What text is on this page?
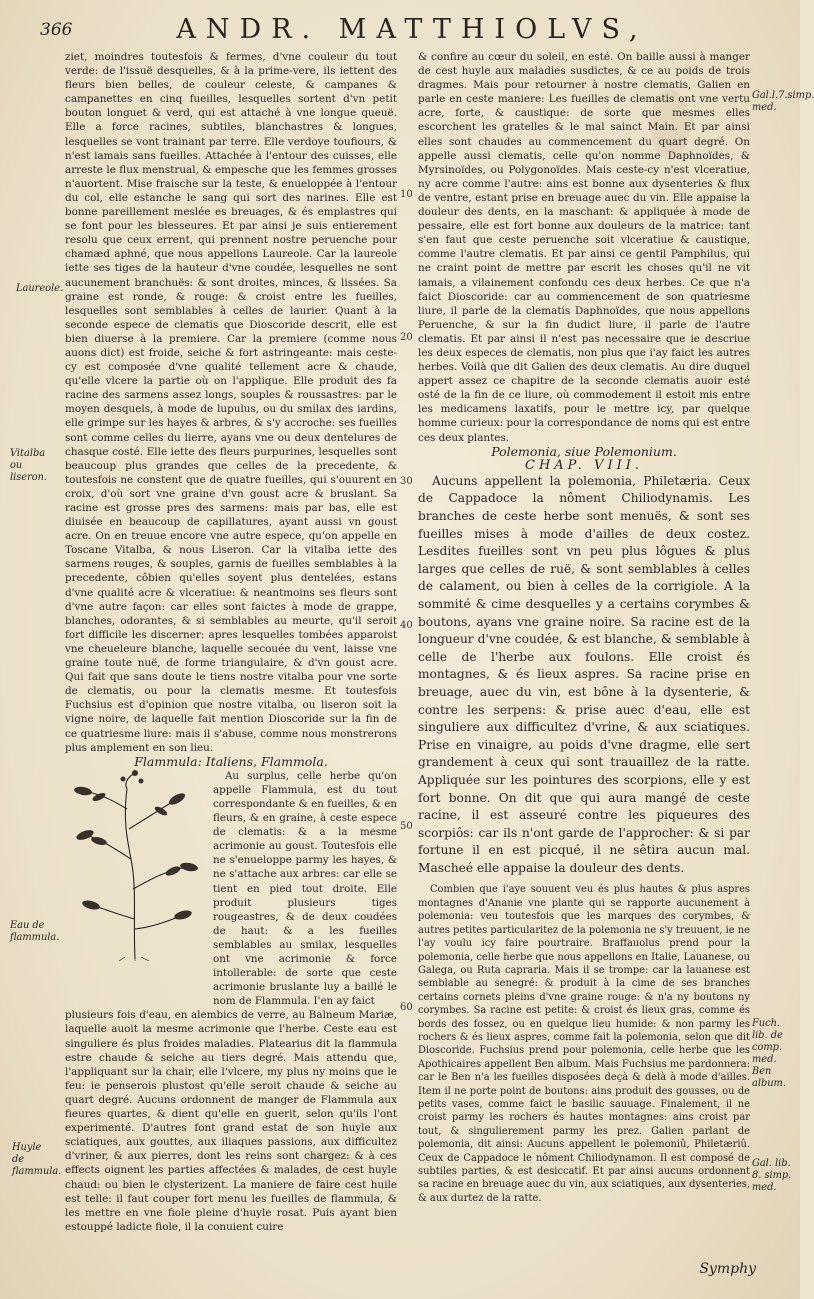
366	ANDR. MATTHIOLVS,

ziet, moindres toutesfois & fermes, d'vne couleur du tout verde: de l'issuë desquelles, & à la prime-vere, ils iettent des fleurs bien belles, de couleur celeste, & campanes & campanettes en cinq fueilles, lesquelles sortent d'vn petit bouton longuet & verd, qui est attaché à vne longue queuë. Elle a force racines, subtiles, blanchastres & longues, lesquelles se vont trainant par terre. Elle verdoye toufiours, & n'est iamais sans fueilles. Attachée à l'entour des cuisses, elle arreste le flux menstrual, & empesche que les femmes grosses n'auortent. Mise fraische sur la teste, & enueloppée à l'entour du col, elle estanche le sang qui sort des narines. Elle est bonne pareillement meslée es breuages, & és emplastres qui se font pour les blesseures. Et par ainsi je suis entierement resolu que ceux errent, qui prennent nostre peruenche pour chamæd aphné, que nous appellons Laureole. Car la laureole iette ses tiges de la hauteur d'vne coudée, lesquelles ne sont aucunement branchuës: & sont droites, minces, & lissées. Sa graine est ronde, & rouge: & croist entre les fueilles, lesquelles sont semblables à celles de laurier. Quant à la seconde espece de clematis que Dioscoride descrit, elle est bien diuerse à la premiere. Car la premiere (comme nous auons dict) est froide, seiche & fort astringeante: mais ceste-cy est composée d'vne qualité tellement acre & chaude, qu'elle vlcere la partie où on l'applique. Elle produit des fa racine des sarmens assez longs, souples & roussastres: par le moyen desquels, à mode de lupulus, ou du smilax des iardins, elle grimpe sur les hayes & arbres, & s'y accroche: ses fueilles sont comme celles du lierre, ayans vne ou deux dentelures de chasque costé. Elle iette des fleurs purpurines, lesquelles sont beaucoup plus grandes que celles de la precedente, & toutesfois ne constent que de quatre fueilles, qui s'ouurent en croix, d'où sort vne graine d'vn goust acre & bruslant. Sa racine est grosse pres des sarmens: mais par bas, elle est diuisée en beaucoup de capillatures, ayant aussi vn goust acre. On en treuue encore vne autre espece, qu'on appelle en Toscane Vitalba, & nous Liseron. Car la vitalba iette des sarmens rouges, & souples, garnis de fueilles semblables à la precedente, côbien qu'elles soyent plus dentelées, estans d'vne qualité acre & vlceratiue: & neantmoins ses fleurs sont d'vne autre façon: car elles sont faictes à mode de grappe, blanches, odorantes, & si semblables au meurte, qu'il seroit fort difficile les discerner: apres lesquelles tombées apparoist vne cheueleure blanche, laquelle secouée du vent, laisse vne graine toute nuë, de forme triangulaire, & d'vn goust acre. Qui fait que sans doute le tiens nostre vitalba pour vne sorte de clematis, ou pour la clematis mesme. Et toutesfois Fuchsius est d'opinion que nostre vitalba, ou liseron soit la vigne noire, de laquelle fait mention Dioscoride sur la fin de ce quatriesme liure: mais il s'abuse, comme nous monstrerons plus amplement en son lieu.

Flammula: Italiens, Flammola.

Au surplus, celle herbe qu'on appelle Flammula, est du tout correspondante & en fueilles, & en fleurs, & en graine, à ceste espece de clematis: & a la mesme acrimonie au goust. Toutesfois elle ne s'enueloppe parmy les hayes, & ne s'attache aux arbres: car elle se tient en pied tout droite. Elle produit plusieurs tiges rougeastres, & de deux coudées de haut: & a les fueilles semblables au smilax, lesquelles ont vne acrimonie & force intollerable: de sorte que ceste acrimonie bruslante luy a baillé le nom de Flammula. I'en ay faict

plusieurs fois d'eau, en alembics de verre, au Balneum Mariæ, laquelle auoit la mesme acrimonie que l'herbe. Ceste eau est singuliere és plus froides maladies. Platearius dit la flammula estre chaude & seiche au tiers degré. Mais attendu que, l'appliquant sur la chair, elle l'vlcere, my plus ny moins que le feu: ie penserois plustost qu'elle seroit chaude & seiche au quart degré. Aucuns ordonnent de manger de Flammula aux fieures quartes, & dient qu'elle en guerit, selon qu'ils l'ont experimenté. D'autres font grand estat de son huyle aux sciatiques, aux gouttes, aux iliaques passions, aux difficultez d'vriner, & aux pierres, dont les reins sont chargez: & à ces effects oignent les parties affectées & malades, de cest huyle chaud: ou bien le clysterizent. La maniere de faire cest huile est telle: il faut couper fort menu les fueilles de flammula, & les mettre en vne fiole pleine d'huyle rosat. Puis ayant bien estouppé ladicte fiole, il la conuient cuire

& confire au cœur du soleil, en esté. On baille aussi à manger de cest huyle aux maladies susdictes, & ce au poids de trois dragmes. Mais pour retourner à nostre clematis, Galien en parle en ceste maniere: Les fueilles de clematis ont vne vertu acre, forte, & caustique: de sorte que mesmes elles escorchent les gratelles & le mal sainct Main. Et par ainsi elles sont chaudes au commencement du quart degré. On appelle aussi clematis, celle qu'on nomme Daphnoïdes, & Myrsinoïdes, ou Polygonoïdes. Mais ceste-cy n'est vlceratiue, ny acre comme l'autre: ains est bonne aux dysenteries & flux de ventre, estant prise en breuage auec du vin. Elle appaise la douleur des dents, en la maschant: & appliquée à mode de pessaire, elle est fort bonne aux douleurs de la matrice: tant s'en faut que ceste peruenche soit vlceratiue & caustique, comme l'autre clematis. Et par ainsi ce gentil Pamphilus, qui ne craint point de mettre par escrit les choses qu'il ne vit iamais, a vilainement confondu ces deux herbes. Ce que n'a faict Dioscoride: car au commencement de son quatriesme liure, il parle de la clematis Daphnoïdes, que nous appellons Peruenche, & sur la fin dudict liure, il parle de l'autre clematis. Et par ainsi il n'est pas necessaire que ie descriue les deux especes de clematis, non plus que i'ay faict les autres herbes. Voilà que dit Galien des deux clematis. Au dire duquel appert assez ce chapitre de la seconde clematis auoir esté osté de la fin de ce liure, où commodement il estoit mis entre les medicamens laxatifs, pour le mettre icy, par quelque homme curieux: pour la correspondance de noms qui est entre ces deux plantes.

Polemonia, siue Polemonium.

CHAP. VIII.

Aucuns appellent la polemonia, Philetæria. Ceux de Cappadoce la nôment Chiliodynamis. Les branches de ceste herbe sont menuës, & sont ses fueilles mises à mode d'ailles de deux costez. Lesdites fueilles sont vn peu plus lôgues & plus larges que celles de ruë, & sont semblables à celles de calament, ou bien à celles de la corrigiole. A la sommité & cime desquelles y a certains corymbes & boutons, ayans vne graine noire. Sa racine est de la longueur d'vne coudée, & est blanche, & semblable à celle de l'herbe aux foulons. Elle croist és montagnes, & és lieux aspres. Sa racine prise en breuage, auec du vin, est bône à la dysenterie, & contre les serpens: & prise auec d'eau, elle est singuliere aux difficultez d'vrine, & aux sciatiques. Prise en vinaigre, au poids d'vne dragme, elle sert grandement à ceux qui sont trauaillez de la ratte. Appliquée sur les pointures des scorpions, elle y est fort bonne. On dit que qui aura mangé de ceste racine, il est asseuré contre les piqueures des scorpiôs: car ils n'ont garde de l'approcher: & si par fortune il en est picqué, il ne sêtira aucun mal. Mascheé elle appaise la douleur des dents.

Combien que i'aye souuent veu és plus hautes & plus aspres montagnes d'Ananie vne plante qui se rapporte aucunement à polemonia: veu toutesfois que les marques des corymbes, & autres petites particularitez de la polemonia ne s'y treuuent, ie ne l'ay voulu icy faire pourtraire. Braffauolus prend pour la polemonia, celle herbe que nous appellons en Italie, Lauanese, ou Galega, ou Ruta capraria. Mais il se trompe: car la lauanese est semblable au senegré: & produit à la cime de ses branches certains cornets pleins d'vne graine rouge: & n'a ny boutons ny corymbes. Sa racine est petite: & croist és lieux gras, comme és bords des fossez, ou en quelque lieu humide: & non parmy les rochers & és lieux aspres, comme fait la polemonia, selon que dit Dioscoride. Fuchsius prend pour polemonia, celle herbe que les Apothicaires appellent Ben album. Mais Fuchsius me pardonnera: car le Ben n'a les fueilles disposées deçà & delà à mode d'ailles. Item il ne porte point de boutons: ains produit des gousses, ou de petits vases, comme faict le basilic sauuage. Finalement, il ne croist parmy les rochers és hautes montagnes: ains croist par tout, & singulierement parmy les prez. Galien parlant de polemonia, dit ainsi: Aucuns appellent le polemoniû, Philetæriû. Ceux de Cappadoce le nôment Chiliodynamon. Il est composé de subtiles parties, & est desiccatif. Et par ainsi aucuns ordonnent sa racine en breuage auec du vin, aux sciatiques, aux dysenteries, & aux durtez de la ratte.

Laureole.
Vitalba ou liseron.
Eau de flammula.
Huyle de flammula.
Gal.l.7.simp. med.
Fuch. lib. de comp. med. Ben album.
Gal. lib. 8. simp. med.
10
20
30
40
50
60
Symphy
